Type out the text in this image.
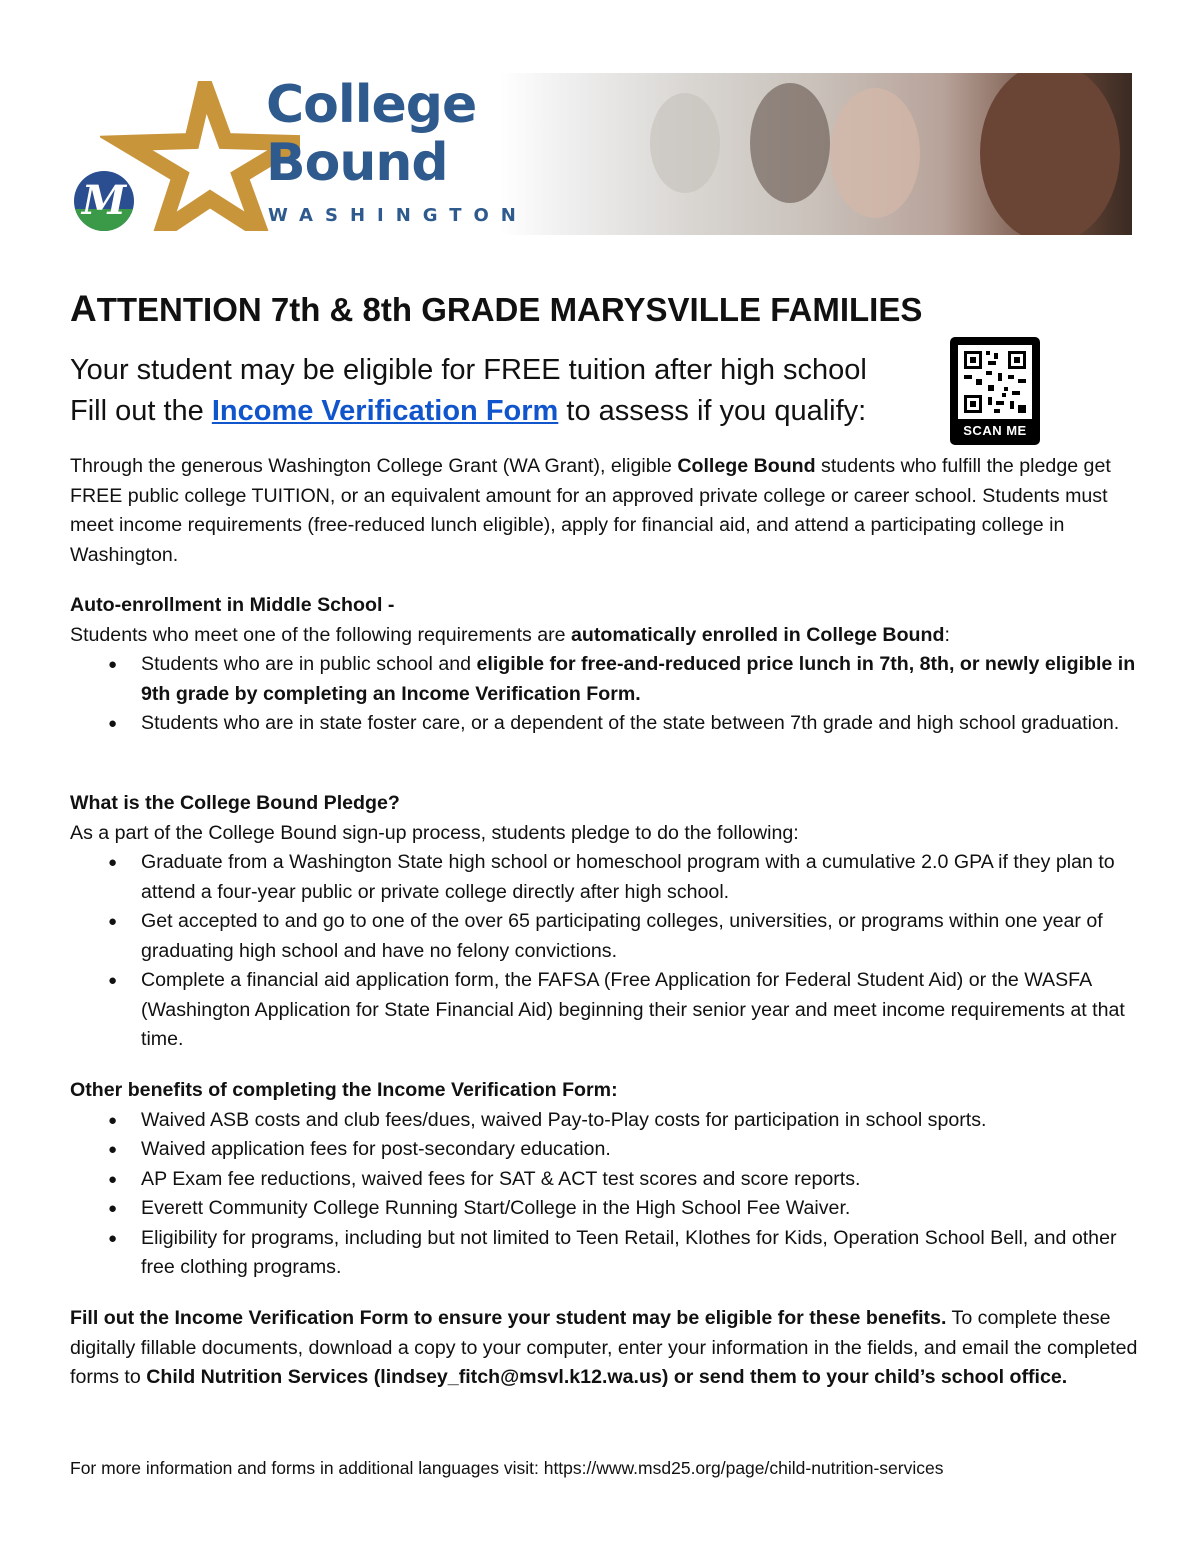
M
College
Bound
WASHINGTON
ATTENTION 7th & 8th GRADE MARYSVILLE FAMILIES
Your student may be eligible for FREE tuition after high school
Fill out the Income Verification Form to assess if you qualify:
SCAN ME
Through the generous Washington College Grant (WA Grant), eligible College Bound students who fulfill the pledge get FREE public college TUITION, or an equivalent amount for an approved private college or career school. Students must meet income requirements (free-reduced lunch eligible), apply for financial aid, and attend a participating college in Washington.
Auto-enrollment in Middle School -
Students who meet one of the following requirements are automatically enrolled in College Bound:
● Students who are in public school and eligible for free-and-reduced price lunch in 7th, 8th, or newly eligible in 9th grade by completing an Income Verification Form.
● Students who are in state foster care, or a dependent of the state between 7th grade and high school graduation.
What is the College Bound Pledge?
As a part of the College Bound sign-up process, students pledge to do the following:
● Graduate from a Washington State high school or homeschool program with a cumulative 2.0 GPA if they plan to attend a four-year public or private college directly after high school.
● Get accepted to and go to one of the over 65 participating colleges, universities, or programs within one year of graduating high school and have no felony convictions.
● Complete a financial aid application form, the FAFSA (Free Application for Federal Student Aid) or the WASFA (Washington Application for State Financial Aid) beginning their senior year and meet income requirements at that time.
Other benefits of completing the Income Verification Form:
● Waived ASB costs and club fees/dues, waived Pay-to-Play costs for participation in school sports.
● Waived application fees for post-secondary education.
● AP Exam fee reductions, waived fees for SAT & ACT test scores and score reports.
● Everett Community College Running Start/College in the High School Fee Waiver.
● Eligibility for programs, including but not limited to Teen Retail, Klothes for Kids, Operation School Bell, and other free clothing programs.
Fill out the Income Verification Form to ensure your student may be eligible for these benefits. To complete these digitally fillable documents, download a copy to your computer, enter your information in the fields, and email the completed forms to Child Nutrition Services (lindsey_fitch@msvl.k12.wa.us) or send them to your child’s school office.
For more information and forms in additional languages visit: https://www.msd25.org/page/child-nutrition-services
